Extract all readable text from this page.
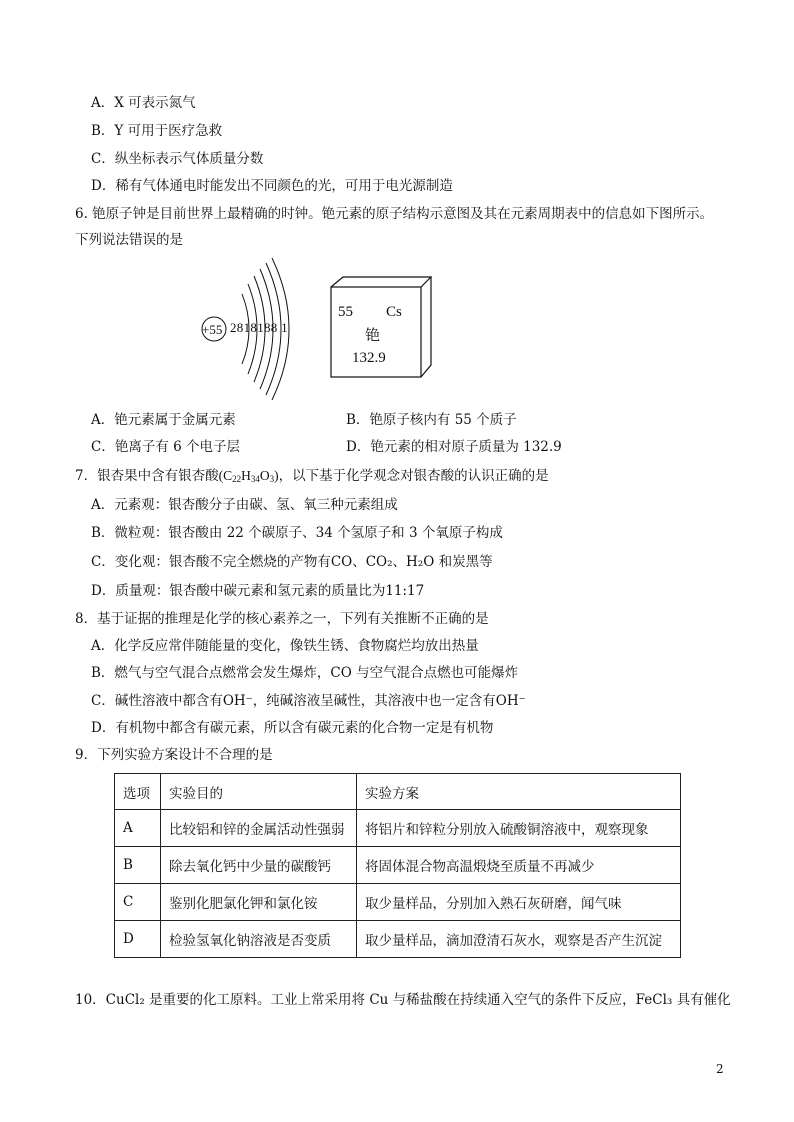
A．X 可表示氮气
B．Y 可用于医疗急救
C．纵坐标表示气体质量分数
D．稀有气体通电时能发出不同颜色的光，可用于电光源制造
6. 铯原子钟是目前世界上最精确的时钟。铯元素的原子结构示意图及其在元素周期表中的信息如下图所示。
下列说法错误的是
+55 2818188 1
55 Cs
铯
132.9
A．铯元素属于金属元素	B．铯原子核内有 55 个质子
C．铯离子有 6 个电子层	D．铯元素的相对原子质量为 132.9
7．银杏果中含有银杏酸$(C_{22}H_{34}O_3)$，以下基于化学观念对银杏酸的认识正确的是
A．元素观：银杏酸分子由碳、氢、氧三种元素组成
B．微粒观：银杏酸由 22 个碳原子、34 个氢原子和 3 个氧原子构成
C．变化观：银杏酸不完全燃烧的产物有CO、CO₂、H₂O 和炭黑等
D．质量观：银杏酸中碳元素和氢元素的质量比为11:17
8．基于证据的推理是化学的核心素养之一，下列有关推断不正确的是
A．化学反应常伴随能量的变化，像铁生锈、食物腐烂均放出热量
B．燃气与空气混合点燃常会发生爆炸，CO 与空气混合点燃也可能爆炸
C．碱性溶液中都含有OH⁻，纯碱溶液呈碱性，其溶液中也一定含有OH⁻
D．有机物中都含有碳元素，所以含有碳元素的化合物一定是有机物
9．下列实验方案设计不合理的是
选项	实验目的	实验方案
A	比较铝和锌的金属活动性强弱	将铝片和锌粒分别放入硫酸铜溶液中，观察现象
B	除去氧化钙中少量的碳酸钙	将固体混合物高温煅烧至质量不再减少
C	鉴别化肥氯化钾和氯化铵	取少量样品，分别加入熟石灰研磨，闻气味
D	检验氢氧化钠溶液是否变质	取少量样品，滴加澄清石灰水，观察是否产生沉淀
10．CuCl₂ 是重要的化工原料。工业上常采用将 Cu 与稀盐酸在持续通入空气的条件下反应，FeCl₃ 具有催化
2
